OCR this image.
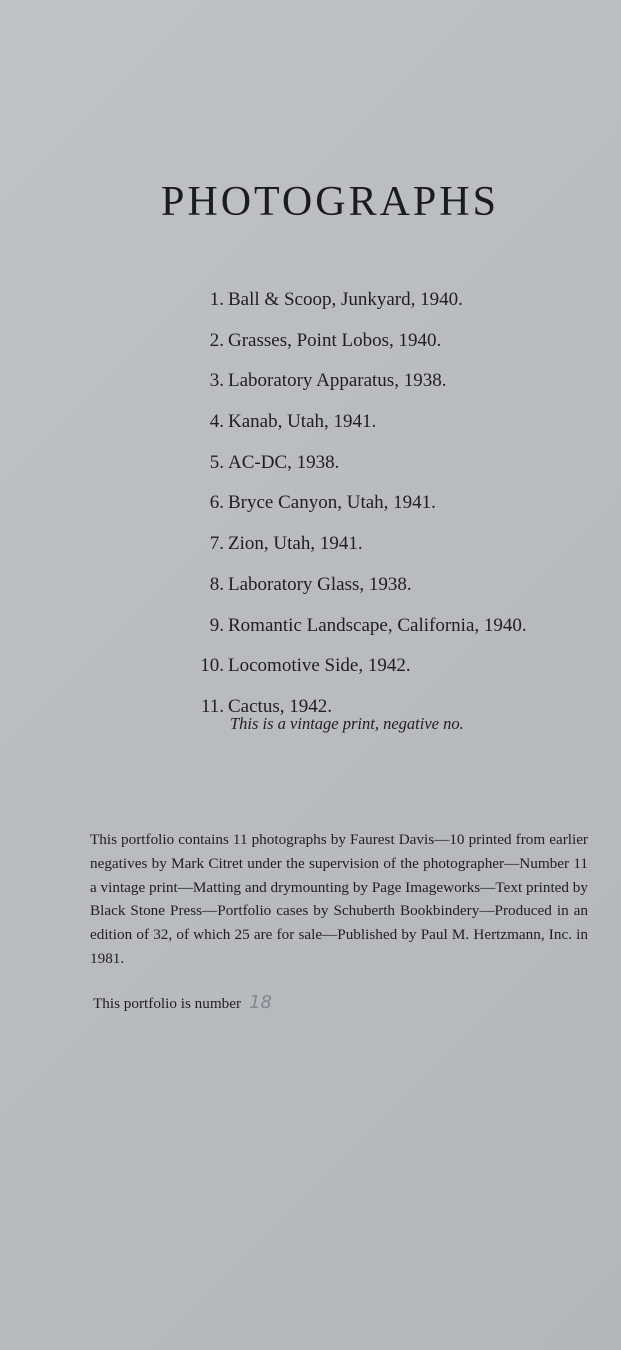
PHOTOGRAPHS
1. Ball & Scoop, Junkyard, 1940.
2. Grasses, Point Lobos, 1940.
3. Laboratory Apparatus, 1938.
4. Kanab, Utah, 1941.
5. AC-DC, 1938.
6. Bryce Canyon, Utah, 1941.
7. Zion, Utah, 1941.
8. Laboratory Glass, 1938.
9. Romantic Landscape, California, 1940.
10. Locomotive Side, 1942.
11. Cactus, 1942.
This is a vintage print, negative no.

This portfolio contains 11 photographs by Faurest Davis—10 printed from earlier negatives by Mark Citret under the supervision of the photographer—Number 11 a vintage print—Matting and drymounting by Page Imageworks—Text printed by Black Stone Press—Portfolio cases by Schuberth Bookbindery—Produced in an edition of 32, of which 25 are for sale—Published by Paul M. Hertzmann, Inc. in 1981.

This portfolio is number 18
